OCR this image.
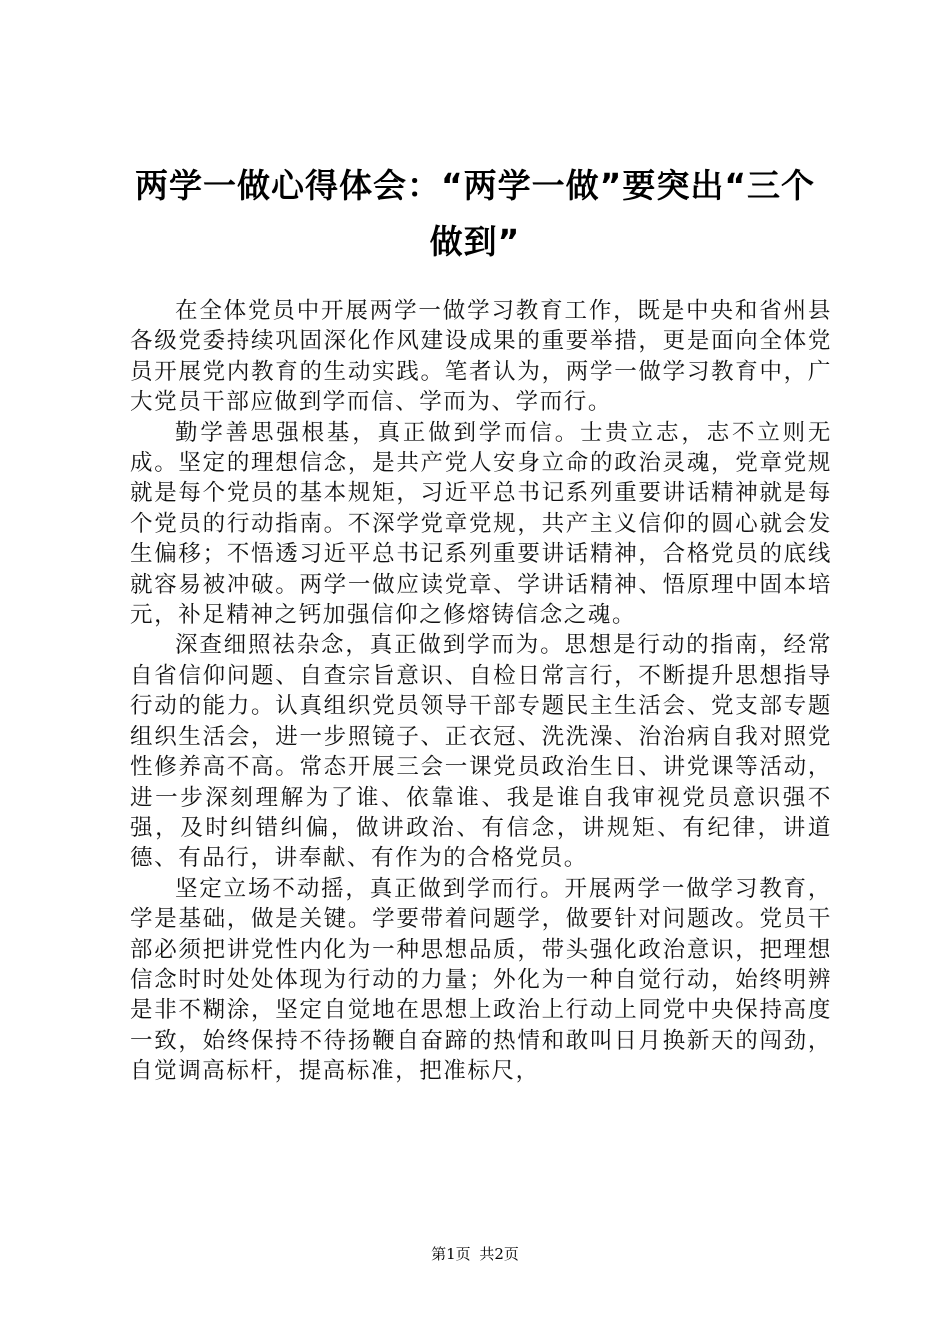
两学一做心得体会：“两学一做”要突出“三个做到”

在全体党员中开展两学一做学习教育工作，既是中央和省州县各级党委持续巩固深化作风建设成果的重要举措，更是面向全体党员开展党内教育的生动实践。笔者认为，两学一做学习教育中，广大党员干部应做到学而信、学而为、学而行。

勤学善思强根基，真正做到学而信。士贵立志，志不立则无成。坚定的理想信念，是共产党人安身立命的政治灵魂，党章党规就是每个党员的基本规矩，习近平总书记系列重要讲话精神就是每个党员的行动指南。不深学党章党规，共产主义信仰的圆心就会发生偏移；不悟透习近平总书记系列重要讲话精神，合格党员的底线就容易被冲破。两学一做应读党章、学讲话精神、悟原理中固本培元，补足精神之钙加强信仰之修熔铸信念之魂。

深查细照祛杂念，真正做到学而为。思想是行动的指南，经常自省信仰问题、自查宗旨意识、自检日常言行，不断提升思想指导行动的能力。认真组织党员领导干部专题民主生活会、党支部专题组织生活会，进一步照镜子、正衣冠、洗洗澡、治治病自我对照党性修养高不高。常态开展三会一课党员政治生日、讲党课等活动，进一步深刻理解为了谁、依靠谁、我是谁自我审视党员意识强不强，及时纠错纠偏，做讲政治、有信念，讲规矩、有纪律，讲道德、有品行，讲奉献、有作为的合格党员。

坚定立场不动摇，真正做到学而行。开展两学一做学习教育，学是基础，做是关键。学要带着问题学，做要针对问题改。党员干部必须把讲党性内化为一种思想品质，带头强化政治意识，把理想信念时时处处体现为行动的力量；外化为一种自觉行动，始终明辨是非不糊涂，坚定自觉地在思想上政治上行动上同党中央保持高度一致，始终保持不待扬鞭自奋蹄的热情和敢叫日月换新天的闯劲，自觉调高标杆，提高标准，把准标尺，

第1页 共2页
